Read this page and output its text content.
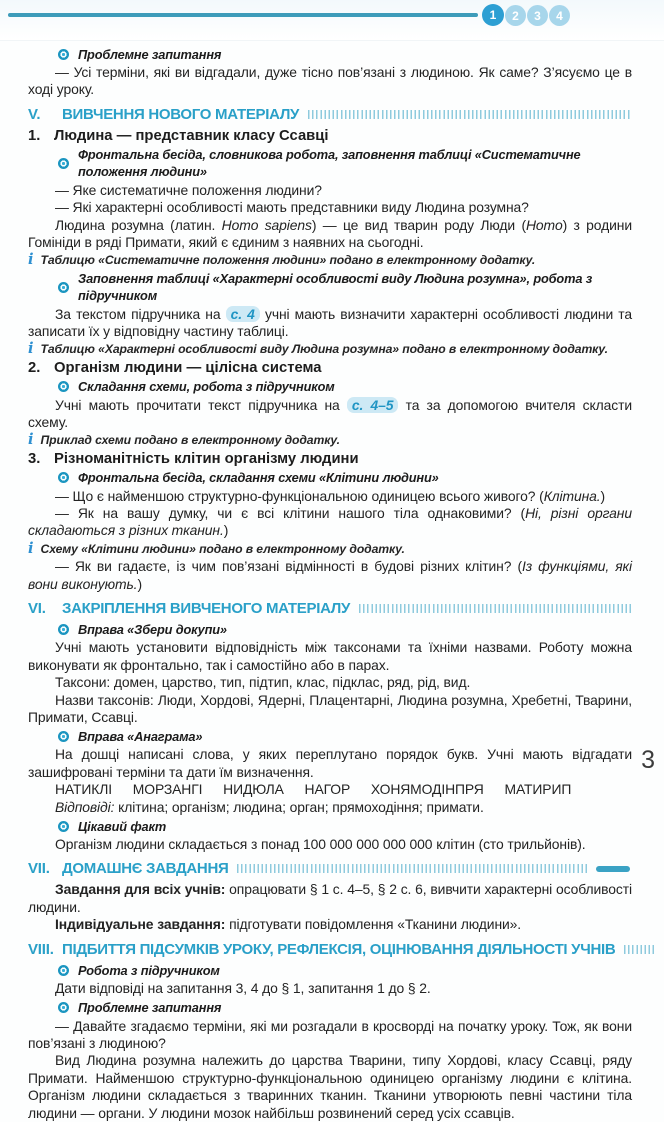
1	2	3	4
Проблемне запитання
— Усі терміни, які ви відгадали, дуже тісно пов’язані з людиною. Як саме? З’ясуємо це в ході уроку.
V.	ВИВЧЕННЯ НОВОГО МАТЕРІАЛУ
1. Людина — представник класу Ссавці
Фронтальна бесіда, словникова робота, заповнення таблиці «Систематичне положення людини»
— Яке систематичне положення людини?
— Які характерні особливості мають представники виду Людина розумна?
Людина розумна (латин. Homo sapiens) — це вид тварин роду Люди (Homo) з родини Гомініди в ряді Примати, який є єдиним з наявних на сьогодні.
i Таблицю «Систематичне положення людини» подано в електронному додатку.
Заповнення таблиці «Характерні особливості виду Людина розумна», робота з підручником
За текстом підручника на с. 4 учні мають визначити характерні особливості людини та записати їх у відповідну частину таблиці.
i Таблицю «Характерні особливості виду Людина розумна» подано в електронному додатку.
2. Організм людини — цілісна система
Складання схеми, робота з підручником
Учні мають прочитати текст підручника на с. 4–5 та за допомогою вчителя скласти схему.
i Приклад схеми подано в електронному додатку.
3. Різноманітність клітин організму людини
Фронтальна бесіда, складання схеми «Клітини людини»
— Що є найменшою структурно-функціональною одиницею всього живого? (Клітина.)
— Як на вашу думку, чи є всі клітини нашого тіла однаковими? (Ні, різні органи складаються з різних тканин.)
i Схему «Клітини людини» подано в електронному додатку.
— Як ви гадаєте, із чим пов’язані відмінності в будові різних клітин? (Із функціями, які вони виконують.)
VI.	ЗАКРІПЛЕННЯ ВИВЧЕНОГО МАТЕРІАЛУ
Вправа «Збери докупи»
Учні мають установити відповідність між таксонами та їхніми назвами. Роботу можна виконувати як фронтально, так і самостійно або в парах.
Таксони: домен, царство, тип, підтип, клас, підклас, ряд, рід, вид.
Назви таксонів: Люди, Хордові, Ядерні, Плацентарні, Людина розумна, Хребетні, Тварини, Примати, Ссавці.
Вправа «Анаграма»
На дошці написані слова, у яких переплутано порядок букв. Учні мають відгадати зашифровані терміни та дати їм визначення.
НАТИКЛІ МОРЗАНГІ НИДЮЛА НАГОР ХОНЯМОДІНПРЯ МАТИРИП
Відповіді: клітина; організм; людина; орган; прямоходіння; примати.
Цікавий факт
Організм людини складається з понад 100 000 000 000 000 клітин (сто трильйонів).
VII. ДОМАШНЄ ЗАВДАННЯ
Завдання для всіх учнів: опрацювати § 1 с. 4–5, § 2 с. 6, вивчити характерні особливості людини.
Індивідуальне завдання: підготувати повідомлення «Тканини людини».
VIII. ПІДБИТТЯ ПІДСУМКІВ УРОКУ, РЕФЛЕКСІЯ, ОЦІНЮВАННЯ ДІЯЛЬНОСТІ УЧНІВ
Робота з підручником
Дати відповіді на запитання 3, 4 до § 1, запитання 1 до § 2.
Проблемне запитання
— Давайте згадаємо терміни, які ми розгадали в кросворді на початку уроку. Тож, як вони пов’язані з людиною?
Вид Людина розумна належить до царства Тварини, типу Хордові, класу Ссавці, ряду Примати. Найменшою структурно-функціональною одиницею організму людини є клітина. Організм людини складається з тваринних тканин. Тканини утворюють певні частини тіла людини — органи. У людини мозок найбільш розвинений серед усіх ссавців.
3
